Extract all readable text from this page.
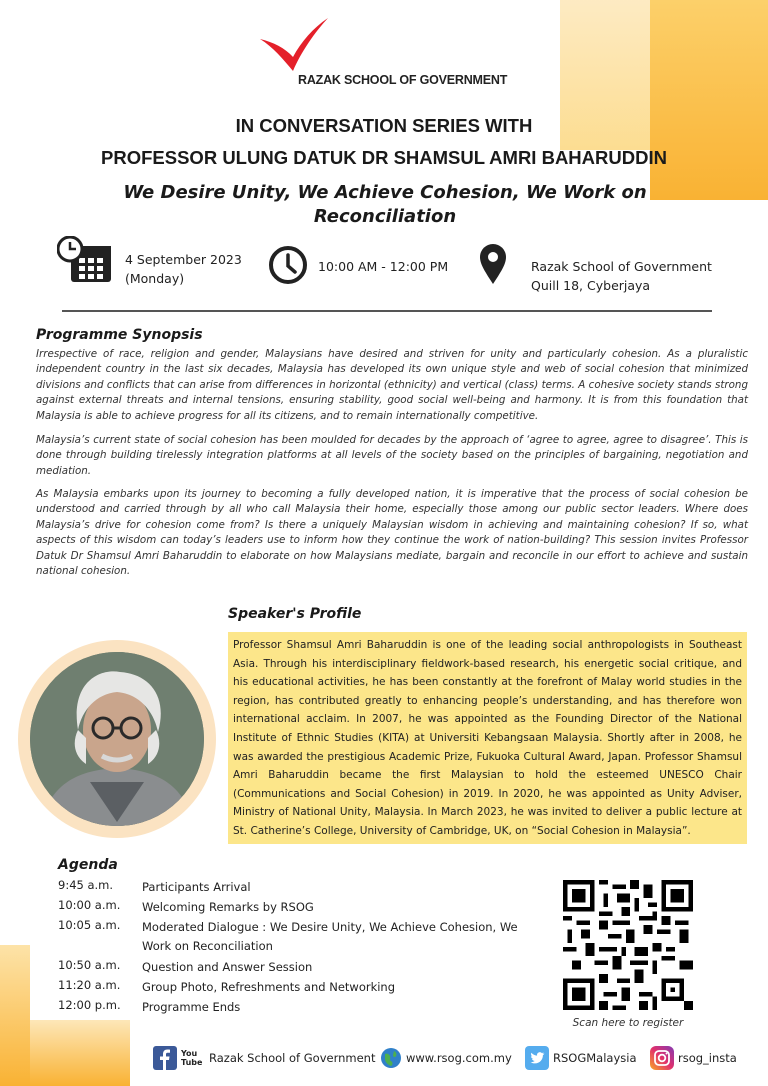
RAZAK SCHOOL OF GOVERNMENT
IN CONVERSATION SERIES WITH
PROFESSOR ULUNG DATUK DR SHAMSUL AMRI BAHARUDDIN
We Desire Unity, We Achieve Cohesion, We Work on Reconciliation
4 September 2023
(Monday)
10:00 AM - 12:00 PM	Razak School of Government
Quill 18, Cyberjaya
Programme Synopsis
Irrespective of race, religion and gender, Malaysians have desired and striven for unity and particularly cohesion. As a pluralistic independent country in the last six decades, Malaysia has developed its own unique style and web of social cohesion that minimized divisions and conflicts that can arise from differences in horizontal (ethnicity) and vertical (class) terms. A cohesive society stands strong against external threats and internal tensions, ensuring stability, good social well-being and harmony. It is from this foundation that Malaysia is able to achieve progress for all its citizens, and to remain internationally competitive.
Malaysia’s current state of social cohesion has been moulded for decades by the approach of ‘agree to agree, agree to disagree’. This is done through building tirelessly integration platforms at all levels of the society based on the principles of bargaining, negotiation and mediation.
As Malaysia embarks upon its journey to becoming a fully developed nation, it is imperative that the process of social cohesion be understood and carried through by all who call Malaysia their home, especially those among our public sector leaders. Where does Malaysia’s drive for cohesion come from? Is there a uniquely Malaysian wisdom in achieving and maintaining cohesion? If so, what aspects of this wisdom can today’s leaders use to inform how they continue the work of nation-building? This session invites Professor Datuk Dr Shamsul Amri Baharuddin to elaborate on how Malaysians mediate, bargain and reconcile in our effort to achieve and sustain national cohesion.
Speaker's Profile
Professor Shamsul Amri Baharuddin is one of the leading social anthropologists in Southeast Asia. Through his interdisciplinary fieldwork-based research, his energetic social critique, and his educational activities, he has been constantly at the forefront of Malay world studies in the region, has contributed greatly to enhancing people’s understanding, and has therefore won international acclaim. In 2007, he was appointed as the Founding Director of the National Institute of Ethnic Studies (KITA) at Universiti Kebangsaan Malaysia. Shortly after in 2008, he was awarded the prestigious Academic Prize, Fukuoka Cultural Award, Japan. Professor Shamsul Amri Baharuddin became the first Malaysian to hold the esteemed UNESCO Chair (Communications and Social Cohesion) in 2019. In 2020, he was appointed as Unity Adviser, Ministry of National Unity, Malaysia. In March 2023, he was invited to deliver a public lecture at St. Catherine’s College, University of Cambridge, UK, on “Social Cohesion in Malaysia”.
Agenda
9:45 a.m.	Participants Arrival
10:00 a.m. Welcoming Remarks by RSOG
10:05 a.m. Moderated Dialogue : We Desire Unity, We Achieve Cohesion, We Work on Reconciliation
10:50 a.m. Question and Answer Session
11:20 a.m. Group Photo, Refreshments and Networking
12:00 p.m. Programme Ends
Scan here to register
You Tube Razak School of Government	www.rsog.com.my	RSOGMalaysia	rsog_insta
